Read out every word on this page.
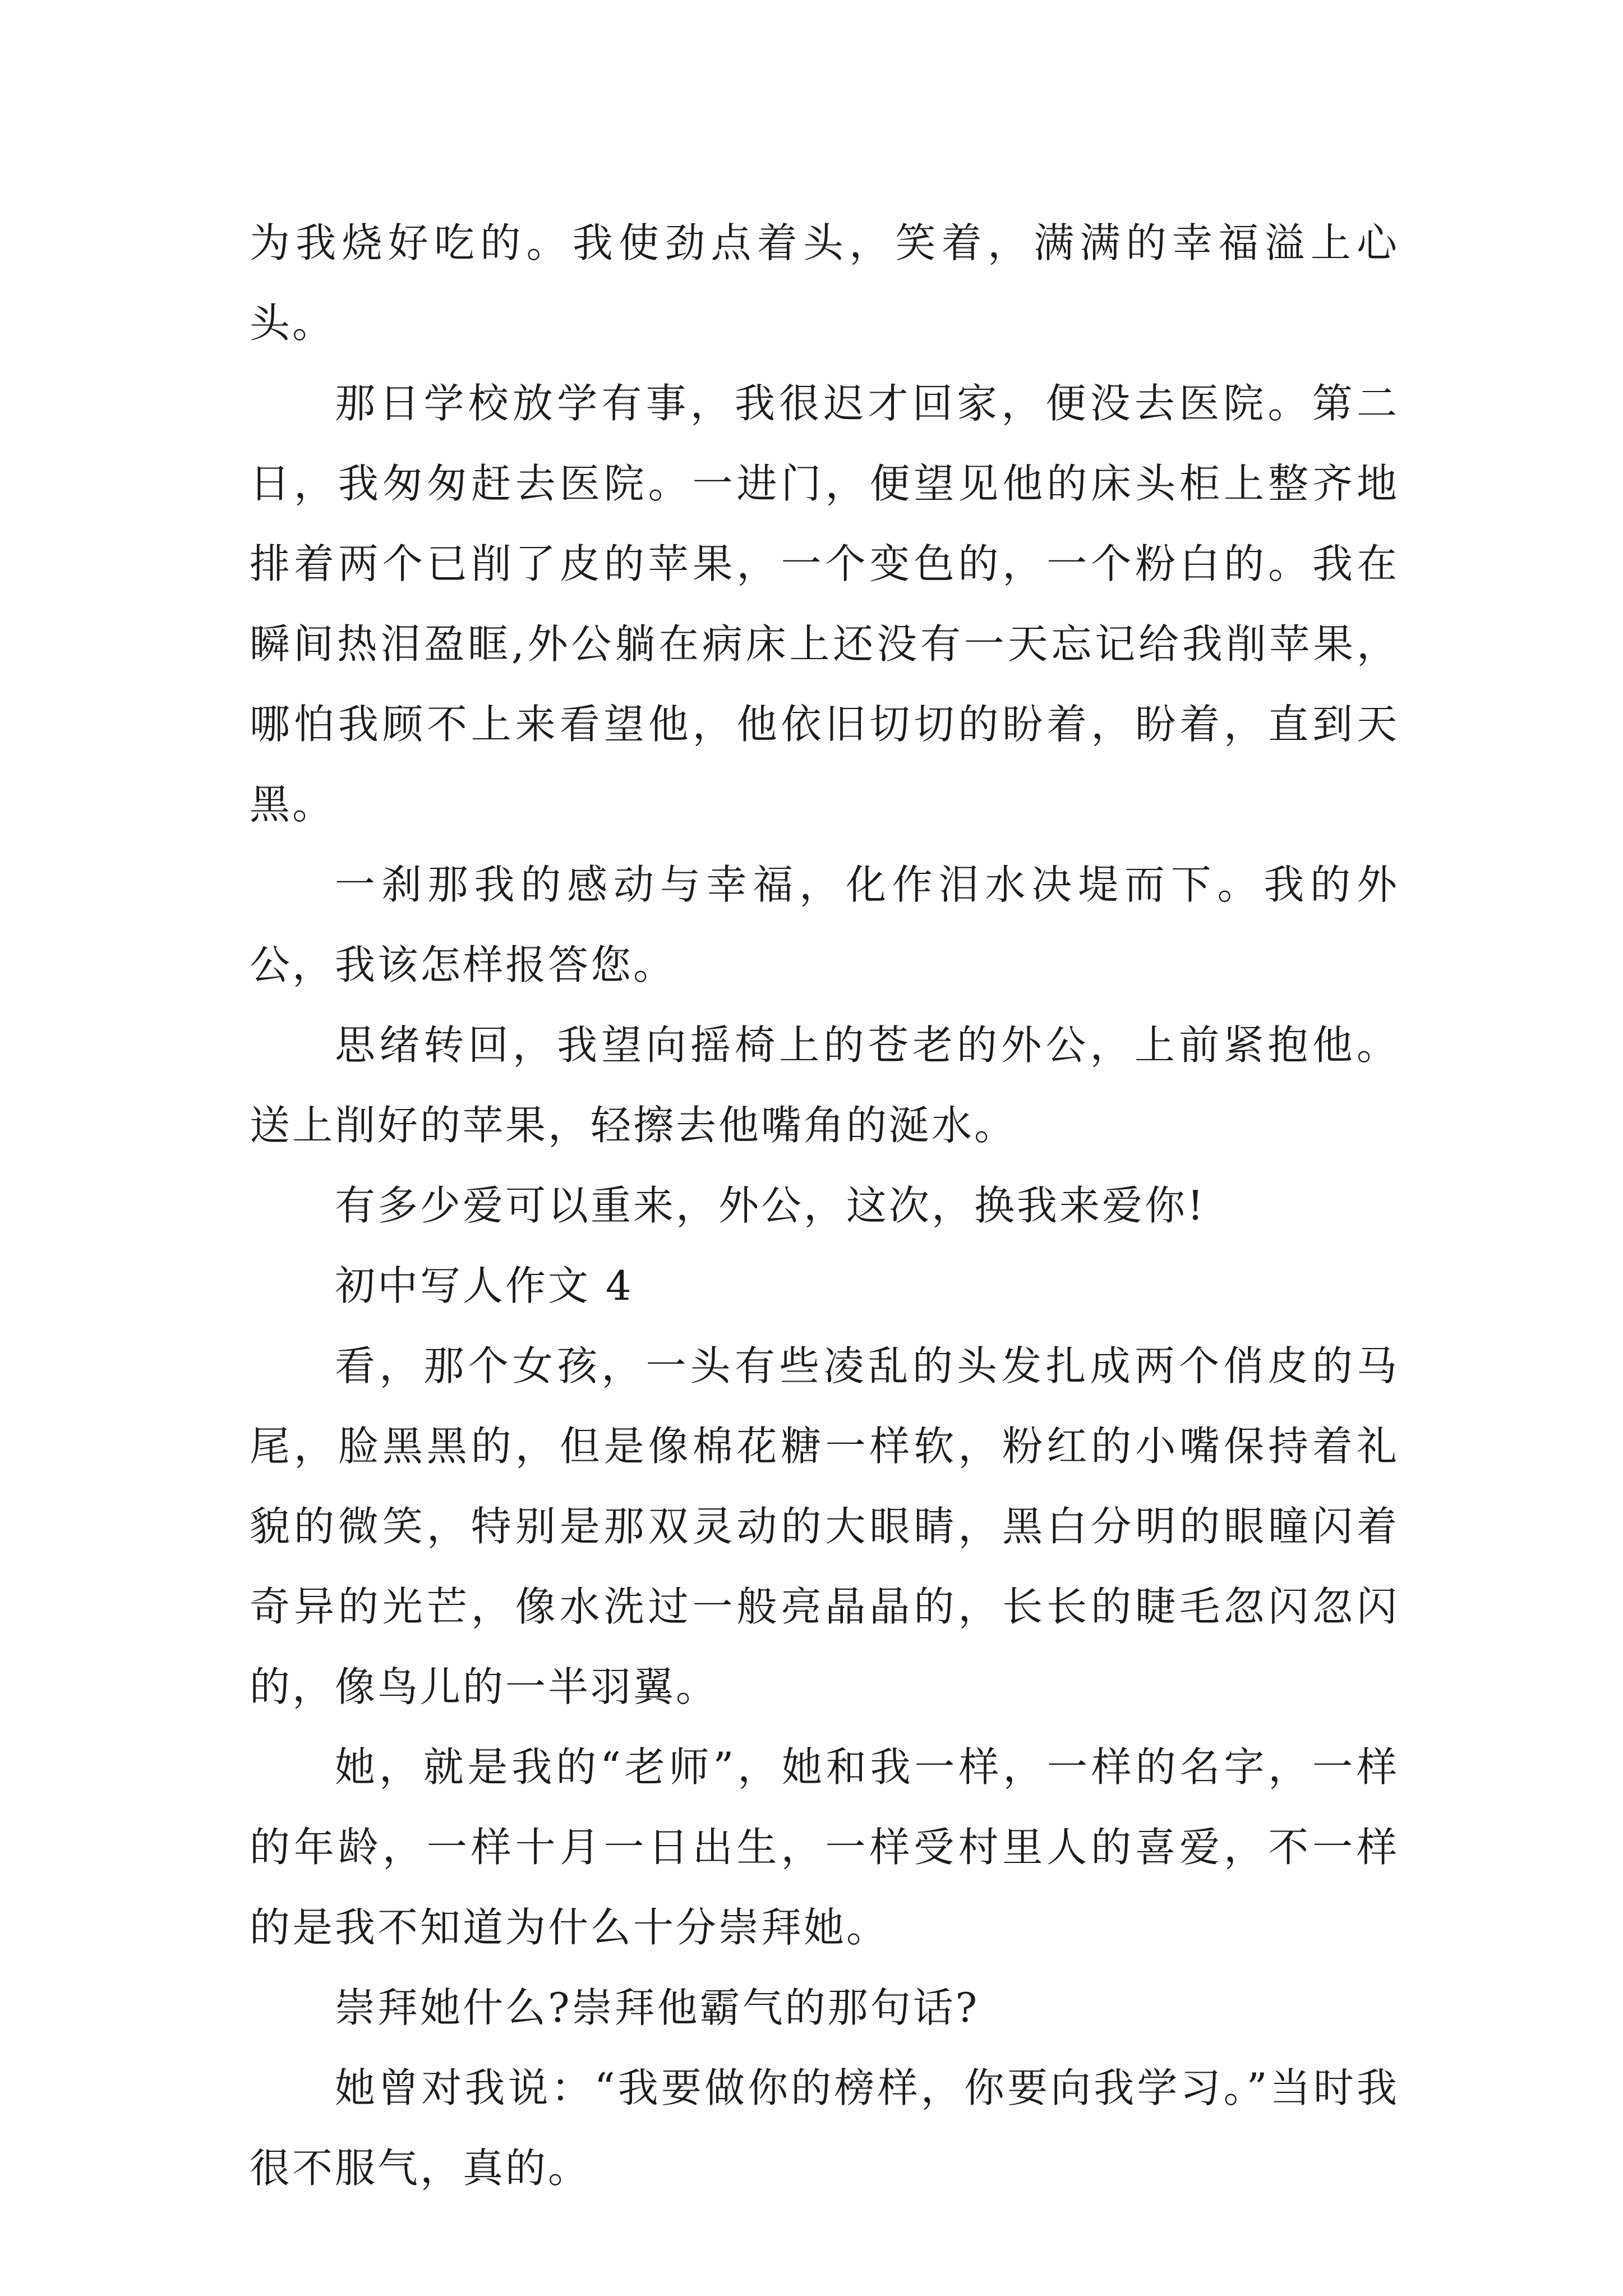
为我烧好吃的。我使劲点着头，笑着，满满的幸福溢上心头。

那日学校放学有事，我很迟才回家，便没去医院。第二日，我匆匆赶去医院。一进门，便望见他的床头柜上整齐地排着两个已削了皮的苹果，一个变色的，一个粉白的。我在瞬间热泪盈眶,外公躺在病床上还没有一天忘记给我削苹果，哪怕我顾不上来看望他，他依旧切切的盼着，盼着，直到天黑。

一刹那我的感动与幸福，化作泪水决堤而下。我的外公，我该怎样报答您。

思绪转回，我望向摇椅上的苍老的外公，上前紧抱他。送上削好的苹果，轻擦去他嘴角的涎水。

有多少爱可以重来，外公，这次，换我来爱你!

初中写人作文 4

看，那个女孩，一头有些凌乱的头发扎成两个俏皮的马尾，脸黑黑的，但是像棉花糖一样软，粉红的小嘴保持着礼貌的微笑，特别是那双灵动的大眼睛，黑白分明的眼瞳闪着奇异的光芒，像水洗过一般亮晶晶的，长长的睫毛忽闪忽闪的，像鸟儿的一半羽翼。

她，就是我的“老师”，她和我一样，一样的名字，一样的年龄，一样十月一日出生，一样受村里人的喜爱，不一样的是我不知道为什么十分崇拜她。

崇拜她什么?崇拜他霸气的那句话?

她曾对我说：“我要做你的榜样，你要向我学习。”当时我很不服气，真的。
